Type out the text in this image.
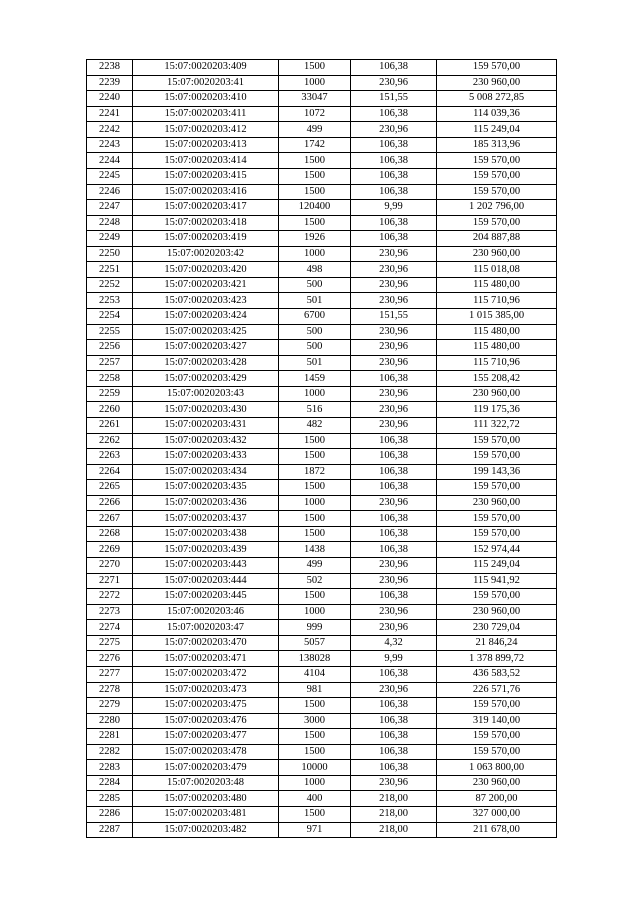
2238	15:07:0020203:409	1500	106,38	159 570,00
2239	15:07:0020203:41	1000	230,96	230 960,00
2240	15:07:0020203:410	33047	151,55	5 008 272,85
2241	15:07:0020203:411	1072	106,38	114 039,36
2242	15:07:0020203:412	499	230,96	115 249,04
2243	15:07:0020203:413	1742	106,38	185 313,96
2244	15:07:0020203:414	1500	106,38	159 570,00
2245	15:07:0020203:415	1500	106,38	159 570,00
2246	15:07:0020203:416	1500	106,38	159 570,00
2247	15:07:0020203:417	120400	9,99	1 202 796,00
2248	15:07:0020203:418	1500	106,38	159 570,00
2249	15:07:0020203:419	1926	106,38	204 887,88
2250	15:07:0020203:42	1000	230,96	230 960,00
2251	15:07:0020203:420	498	230,96	115 018,08
2252	15:07:0020203:421	500	230,96	115 480,00
2253	15:07:0020203:423	501	230,96	115 710,96
2254	15:07:0020203:424	6700	151,55	1 015 385,00
2255	15:07:0020203:425	500	230,96	115 480,00
2256	15:07:0020203:427	500	230,96	115 480,00
2257	15:07:0020203:428	501	230,96	115 710,96
2258	15:07:0020203:429	1459	106,38	155 208,42
2259	15:07:0020203:43	1000	230,96	230 960,00
2260	15:07:0020203:430	516	230,96	119 175,36
2261	15:07:0020203:431	482	230,96	111 322,72
2262	15:07:0020203:432	1500	106,38	159 570,00
2263	15:07:0020203:433	1500	106,38	159 570,00
2264	15:07:0020203:434	1872	106,38	199 143,36
2265	15:07:0020203:435	1500	106,38	159 570,00
2266	15:07:0020203:436	1000	230,96	230 960,00
2267	15:07:0020203:437	1500	106,38	159 570,00
2268	15:07:0020203:438	1500	106,38	159 570,00
2269	15:07:0020203:439	1438	106,38	152 974,44
2270	15:07:0020203:443	499	230,96	115 249,04
2271	15:07:0020203:444	502	230,96	115 941,92
2272	15:07:0020203:445	1500	106,38	159 570,00
2273	15:07:0020203:46	1000	230,96	230 960,00
2274	15:07:0020203:47	999	230,96	230 729,04
2275	15:07:0020203:470	5057	4,32	21 846,24
2276	15:07:0020203:471	138028	9,99	1 378 899,72
2277	15:07:0020203:472	4104	106,38	436 583,52
2278	15:07:0020203:473	981	230,96	226 571,76
2279	15:07:0020203:475	1500	106,38	159 570,00
2280	15:07:0020203:476	3000	106,38	319 140,00
2281	15:07:0020203:477	1500	106,38	159 570,00
2282	15:07:0020203:478	1500	106,38	159 570,00
2283	15:07:0020203:479	10000	106,38	1 063 800,00
2284	15:07:0020203:48	1000	230,96	230 960,00
2285	15:07:0020203:480	400	218,00	87 200,00
2286	15:07:0020203:481	1500	218,00	327 000,00
2287	15:07:0020203:482	971	218,00	211 678,00
